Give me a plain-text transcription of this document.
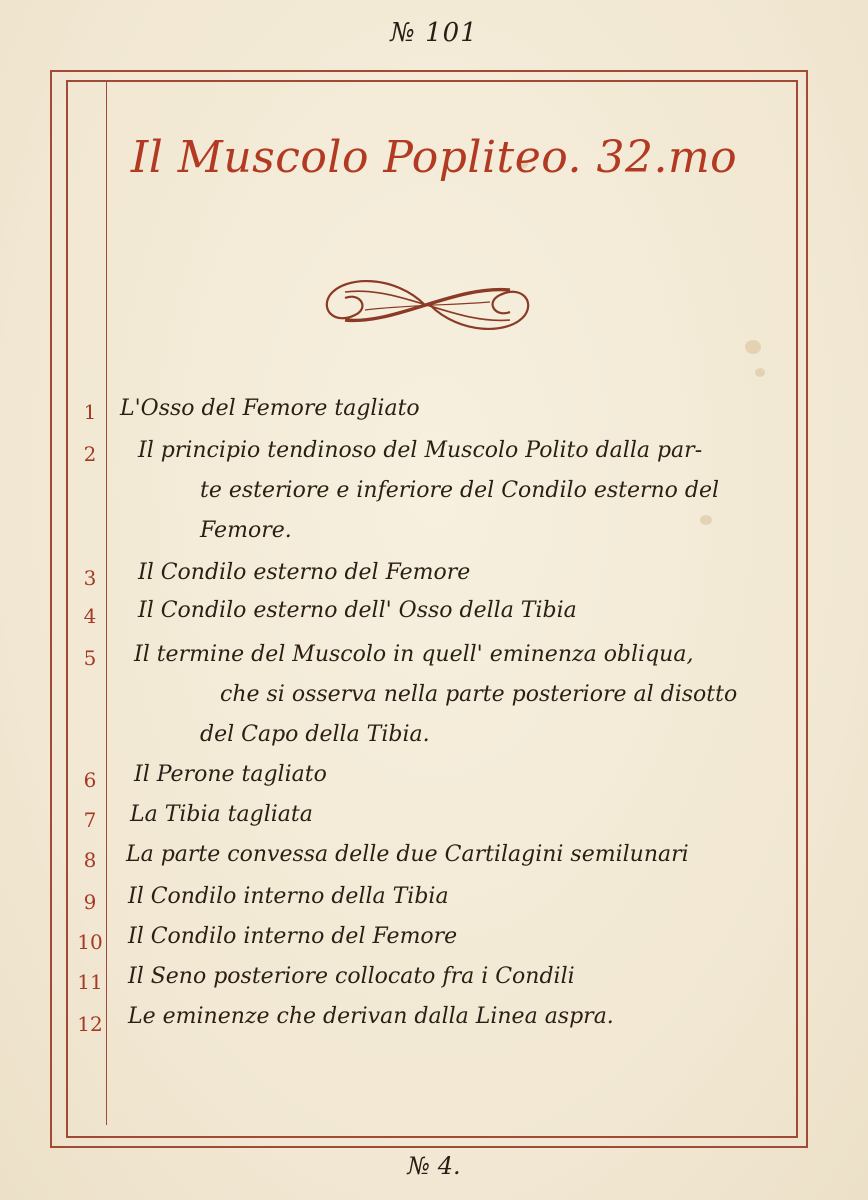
№ 101
Il Muscolo Popliteo. 32.mo
1	L'Osso del Femore tagliato
2	Il principio tendinoso del Muscolo Polito dalla par-
te esteriore e inferiore del Condilo esterno del
Femore.
3	Il Condilo esterno del Femore
4	Il Condilo esterno dell' Osso della Tibia
5	Il termine del Muscolo in quell' eminenza obliqua,
che si osserva nella parte posteriore al disotto
del Capo della Tibia.
6	Il Perone tagliato
7	La Tibia tagliata
8	La parte convessa delle due Cartilagini semilunari
9	Il Condilo interno della Tibia
10	Il Condilo interno del Femore
11	Il Seno posteriore collocato fra i Condili
12	Le eminenze che derivan dalla Linea aspra.
№ 4.
